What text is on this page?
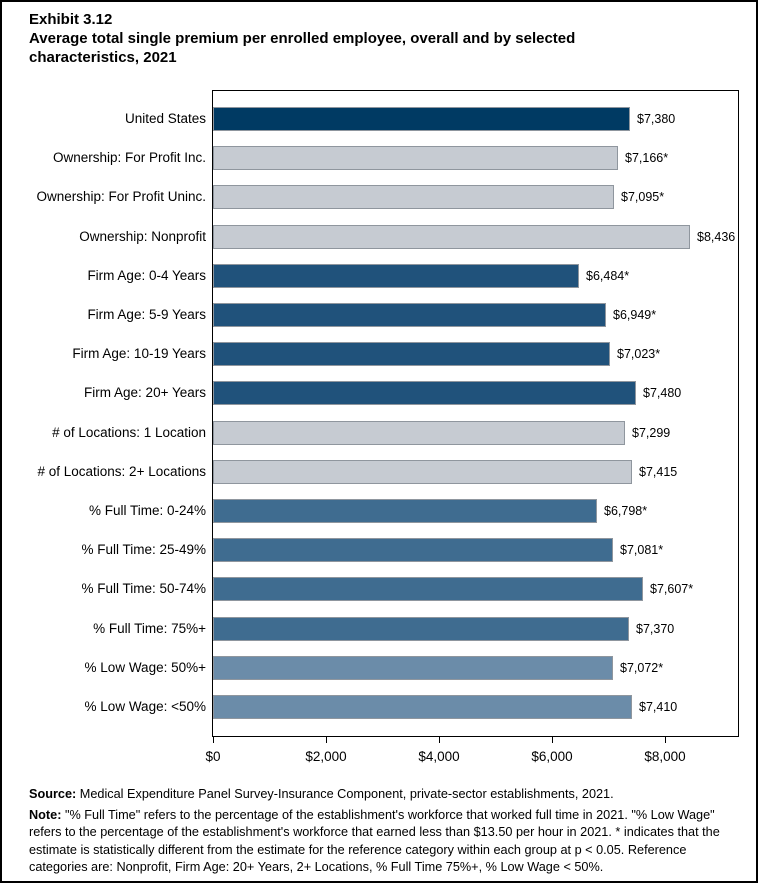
Exhibit 3.12
Average total single premium per enrolled employee, overall and by selected characteristics, 2021
United States	$7,380
Ownership: For Profit Inc.	$7,166*
Ownership: For Profit Uninc.	$7,095*
Ownership: Nonprofit	$8,436
Firm Age: 0-4 Years	$6,484*
Firm Age: 5-9 Years	$6,949*
Firm Age: 10-19 Years	$7,023*
Firm Age: 20+ Years	$7,480
# of Locations: 1 Location	$7,299
# of Locations: 2+ Locations	$7,415
% Full Time: 0-24%	$6,798*
% Full Time: 25-49%	$7,081*
% Full Time: 50-74%	$7,607*
% Full Time: 75%+	$7,370
% Low Wage: 50%+	$7,072*
% Low Wage: <50%	$7,410
$0	$2,000	$4,000	$6,000	$8,000

Source: Medical Expenditure Panel Survey-Insurance Component, private-sector establishments, 2021.

Note: "% Full Time" refers to the percentage of the establishment's workforce that worked full time in 2021. "% Low Wage" refers to the percentage of the establishment's workforce that earned less than $13.50 per hour in 2021. * indicates that the estimate is statistically different from the estimate for the reference category within each group at p < 0.05. Reference categories are: Nonprofit, Firm Age: 20+ Years, 2+ Locations, % Full Time 75%+, % Low Wage < 50%.
